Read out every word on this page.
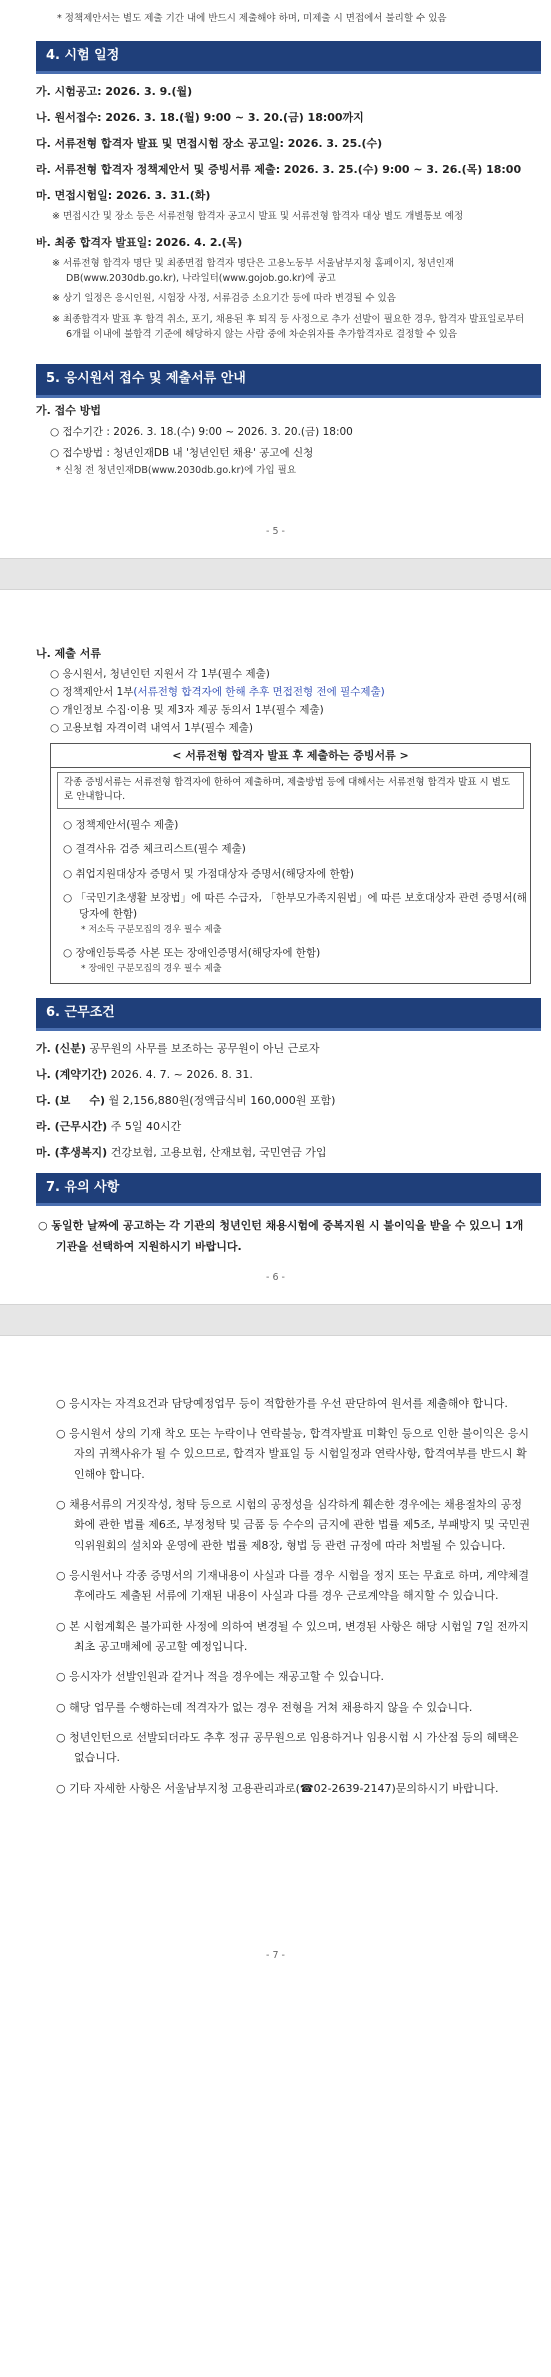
* 정책제안서는 별도 제출 기간 내에 반드시 제출해야 하며, 미제출 시 면접에서 불리할 수 있음
4. 시험 일정
가. 시험공고: 2026. 3. 9.(월)
나. 원서접수: 2026. 3. 18.(월) 9:00 ~ 3. 20.(금) 18:00까지
다. 서류전형 합격자 발표 및 면접시험 장소 공고일: 2026. 3. 25.(수)
라. 서류전형 합격자 정책제안서 및 증빙서류 제출: 2026. 3. 25.(수) 9:00 ~ 3. 26.(목) 18:00
마. 면접시험일: 2026. 3. 31.(화)
※ 면접시간 및 장소 등은 서류전형 합격자 공고시 발표 및 서류전형 합격자 대상 별도 개별통보 예정
바. 최종 합격자 발표일: 2026. 4. 2.(목)
※ 서류전형 합격자 명단 및 최종면접 합격자 명단은 고용노동부 서울남부지청 홈페이지, 청년인재DB(www.2030db.go.kr), 나라일터(www.gojob.go.kr)에 공고
※ 상기 일정은 응시인원, 시험장 사정, 서류검증 소요기간 등에 따라 변경될 수 있음
※ 최종합격자 발표 후 합격 취소, 포기, 채용된 후 퇴직 등 사정으로 추가 선발이 필요한 경우, 합격자 발표일로부터 6개월 이내에 불합격 기준에 해당하지 않는 사람 중에 차순위자를 추가합격자로 결정할 수 있음
5. 응시원서 접수 및 제출서류 안내
가. 접수 방법
○ 접수기간 : 2026. 3. 18.(수) 9:00 ~ 2026. 3. 20.(금) 18:00
○ 접수방법 : 청년인재DB 내 '청년인턴 채용' 공고에 신청
* 신청 전 청년인재DB(www.2030db.go.kr)에 가입 필요
- 5 -
나. 제출 서류
○ 응시원서, 청년인턴 지원서 각 1부(필수 제출)
○ 정책제안서 1부(서류전형 합격자에 한해 추후 면접전형 전에 필수제출)
○ 개인정보 수집·이용 및 제3자 제공 동의서 1부(필수 제출)
○ 고용보험 자격이력 내역서 1부(필수 제출)
< 서류전형 합격자 발표 후 제출하는 증빙서류 >
각종 증빙서류는 서류전형 합격자에 한하여 제출하며, 제출방법 등에 대해서는 서류전형 합격자 발표 시 별도로 안내합니다.
○ 정책제안서(필수 제출)
○ 결격사유 검증 체크리스트(필수 제출)
○ 취업지원대상자 증명서 및 가점대상자 증명서(해당자에 한함)
○ 「국민기초생활 보장법」에 따른 수급자, 「한부모가족지원법」에 따른 보호대상자 관련 증명서(해당자에 한함)
* 저소득 구분모집의 경우 필수 제출
○ 장애인등록증 사본 또는 장애인증명서(해당자에 한함)
* 장애인 구분모집의 경우 필수 제출
6. 근무조건
가. (신분) 공무원의 사무를 보조하는 공무원이 아닌 근로자
나. (계약기간) 2026. 4. 7. ~ 2026. 8. 31.
다. (보     수) 월 2,156,880원(정액급식비 160,000원 포함)
라. (근무시간) 주 5일 40시간
마. (후생복지) 건강보험, 고용보험, 산재보험, 국민연금 가입
7. 유의 사항
○ 동일한 날짜에 공고하는 각 기관의 청년인턴 채용시험에 중복지원 시 불이익을 받을 수 있으니 1개 기관을 선택하여 지원하시기 바랍니다.
- 6 -
○ 응시자는 자격요건과 담당예정업무 등이 적합한가를 우선 판단하여 원서를 제출해야 합니다.
○ 응시원서 상의 기재 착오 또는 누락이나 연락불능, 합격자발표 미확인 등으로 인한 불이익은 응시자의 귀책사유가 될 수 있으므로, 합격자 발표일 등 시험일정과 연락사항, 합격여부를 반드시 확인해야 합니다.
○ 채용서류의 거짓작성, 청탁 등으로 시험의 공정성을 심각하게 훼손한 경우에는 채용절차의 공정화에 관한 법률 제6조, 부정청탁 및 금품 등 수수의 금지에 관한 법률 제5조, 부패방지 및 국민권익위원회의 설치와 운영에 관한 법률 제8장, 형법 등 관련 규정에 따라 처벌될 수 있습니다.
○ 응시원서나 각종 증명서의 기재내용이 사실과 다를 경우 시험을 정지 또는 무효로 하며, 계약체결 후에라도 제출된 서류에 기재된 내용이 사실과 다를 경우 근로계약을 해지할 수 있습니다.
○ 본 시험계획은 불가피한 사정에 의하여 변경될 수 있으며, 변경된 사항은 해당 시험일 7일 전까지 최초 공고매체에 공고할 예정입니다.
○ 응시자가 선발인원과 같거나 적을 경우에는 재공고할 수 있습니다.
○ 해당 업무를 수행하는데 적격자가 없는 경우 전형을 거쳐 채용하지 않을 수 있습니다.
○ 청년인턴으로 선발되더라도 추후 정규 공무원으로 임용하거나 임용시험 시 가산점 등의 혜택은 없습니다.
○ 기타 자세한 사항은 서울남부지청 고용관리과로(☎02-2639-2147)문의하시기 바랍니다.
- 7 -
